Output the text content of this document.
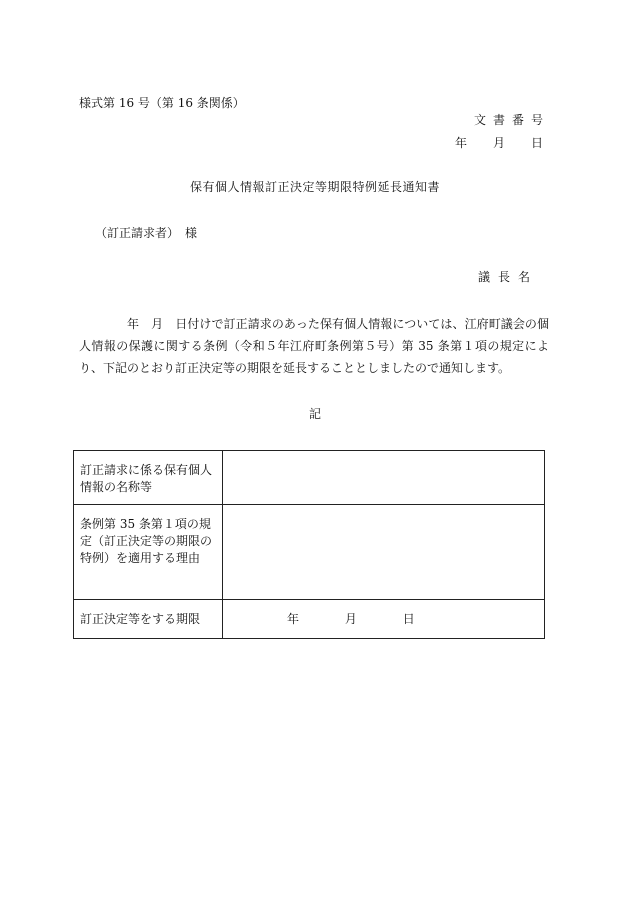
様式第 16 号（第 16 条関係）
文書番号
年　月　日
保有個人情報訂正決定等期限特例延長通知書
（訂正請求者）　様
議長名
年　月　日付けで訂正請求のあった保有個人情報については、江府町議会の個人情報の保護に関する条例（令和５年江府町条例第５号）第 35 条第１項の規定により、下記のとおり訂正決定等の期限を延長することとしましたので通知します。
記
訂正請求に係る保有個人情報の名称等	
条例第 35 条第１項の規定（訂正決定等の期限の特例）を適用する理由	
訂正決定等をする期限	年 月 日
